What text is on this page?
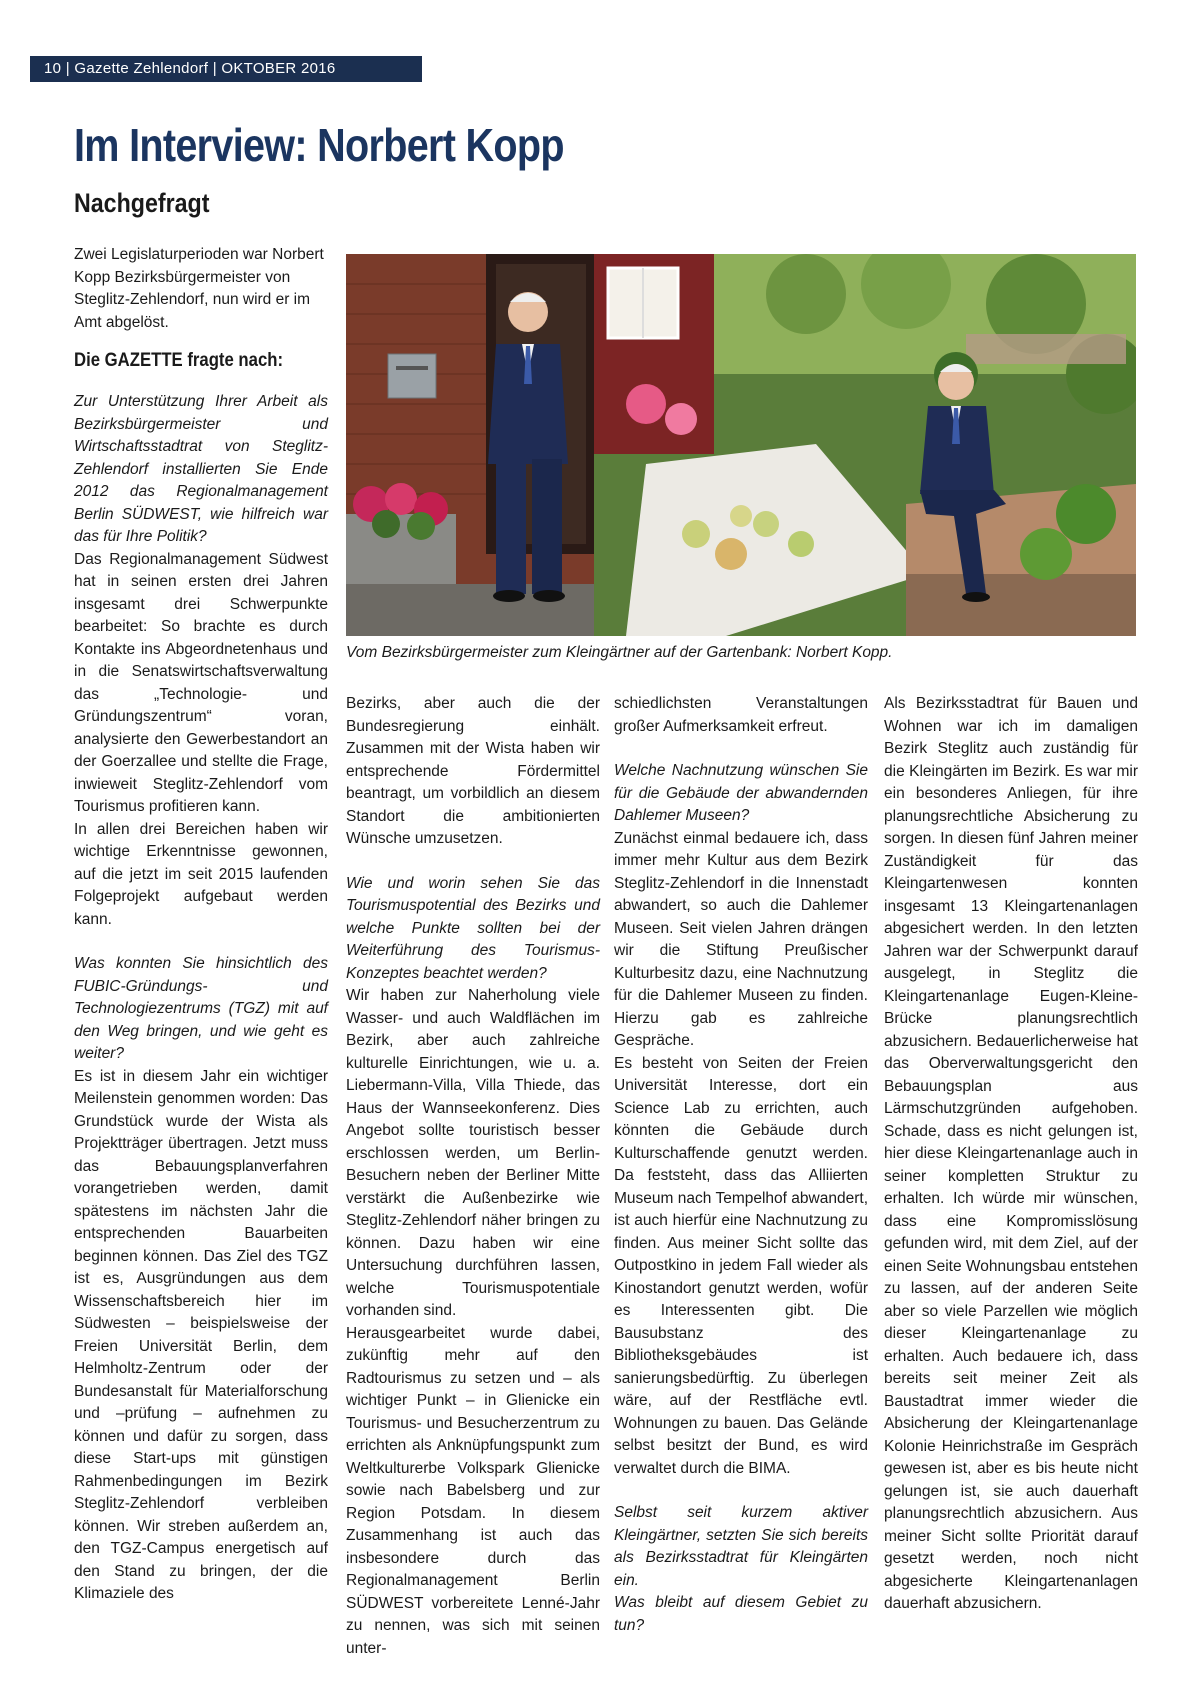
10 | Gazette Zehlendorf | OKTOBER 2016
Im Interview: Norbert Kopp
Nachgefragt

Zwei Legislaturperioden war Norbert Kopp Bezirksbürgermeister von Steglitz-Zehlendorf, nun wird er im Amt abgelöst.

Die GAZETTE fragte nach:
Vom Bezirksbürgermeister zum Kleingärtner auf der Gartenbank: Norbert Kopp.

Zur Unterstützung Ihrer Arbeit als Bezirksbürgermeister und Wirtschaftsstadtrat von Steglitz-Zehlendorf installierten Sie Ende 2012 das Regionalmanagement Berlin SÜDWEST, wie hilfreich war das für Ihre Politik?

Das Regionalmanagement Südwest hat in seinen ersten drei Jahren insgesamt drei Schwerpunkte bearbeitet: So brachte es durch Kontakte ins Abgeordnetenhaus und in die Senatswirtschaftsverwaltung das „Technologie- und Gründungszentrum“ voran, analysierte den Gewerbestandort an der Goerzallee und stellte die Frage, inwieweit Steglitz-Zehlendorf vom Tourismus profitieren kann.

In allen drei Bereichen haben wir wichtige Erkenntnisse gewonnen, auf die jetzt im seit 2015 laufenden Folgeprojekt aufgebaut werden kann.

Was konnten Sie hinsichtlich des FUBIC-Gründungs- und Technologiezentrums (TGZ) mit auf den Weg bringen, und wie geht es weiter?

Es ist in diesem Jahr ein wichtiger Meilenstein genommen worden: Das Grundstück wurde der Wista als Projektträger übertragen. Jetzt muss das Bebauungsplanverfahren vorangetrieben werden, damit spätestens im nächsten Jahr die entsprechenden Bauarbeiten beginnen können. Das Ziel des TGZ ist es, Ausgründungen aus dem Wissenschaftsbereich hier im Südwesten – beispielsweise der Freien Universität Berlin, dem Helmholtz-Zentrum oder der Bundesanstalt für Materialforschung und –prüfung – aufnehmen zu können und dafür zu sorgen, dass diese Start-ups mit günstigen Rahmenbedingungen im Bezirk Steglitz-Zehlendorf verbleiben können. Wir streben außerdem an, den TGZ-Campus energetisch auf den Stand zu bringen, der die Klimaziele des

Bezirks, aber auch die der Bundesregierung einhält. Zusammen mit der Wista haben wir entsprechende Fördermittel beantragt, um vorbildlich an diesem Standort die ambitionierten Wünsche umzusetzen.

Wie und worin sehen Sie das Tourismuspotential des Bezirks und welche Punkte sollten bei der Weiterführung des Tourismus-Konzeptes beachtet werden?

Wir haben zur Naherholung viele Wasser- und auch Waldflächen im Bezirk, aber auch zahlreiche kulturelle Einrichtungen, wie u. a. Liebermann-Villa, Villa Thiede, das Haus der Wannseekonferenz. Dies Angebot sollte touristisch besser erschlossen werden, um Berlin-Besuchern neben der Berliner Mitte verstärkt die Außenbezirke wie Steglitz-Zehlendorf näher bringen zu können. Dazu haben wir eine Untersuchung durchführen lassen, welche Tourismuspotentiale vorhanden sind.

Herausgearbeitet wurde dabei, zukünftig mehr auf den Radtourismus zu setzen und – als wichtiger Punkt – in Glienicke ein Tourismus- und Besucherzentrum zu errichten als Anknüpfungspunkt zum Weltkulturerbe Volkspark Glienicke sowie nach Babelsberg und zur Region Potsdam. In diesem Zusammenhang ist auch das insbesondere durch das Regionalmanagement Berlin SÜDWEST vorbereitete Lenné-Jahr zu nennen, was sich mit seinen unter-

schiedlichsten Veranstaltungen großer Aufmerksamkeit erfreut.

Welche Nachnutzung wünschen Sie für die Gebäude der abwandernden Dahlemer Museen?

Zunächst einmal bedauere ich, dass immer mehr Kultur aus dem Bezirk Steglitz-Zehlendorf in die Innenstadt abwandert, so auch die Dahlemer Museen. Seit vielen Jahren drängen wir die Stiftung Preußischer Kulturbesitz dazu, eine Nachnutzung für die Dahlemer Museen zu finden. Hierzu gab es zahlreiche Gespräche.

Es besteht von Seiten der Freien Universität Interesse, dort ein Science Lab zu errichten, auch könnten die Gebäude durch Kulturschaffende genutzt werden. Da feststeht, dass das Alliierten Museum nach Tempelhof abwandert, ist auch hierfür eine Nachnutzung zu finden. Aus meiner Sicht sollte das Outpostkino in jedem Fall wieder als Kinostandort genutzt werden, wofür es Interessenten gibt. Die Bausubstanz des Bibliotheksgebäudes ist sanierungsbedürftig. Zu überlegen wäre, auf der Restfläche evtl. Wohnungen zu bauen. Das Gelände selbst besitzt der Bund, es wird verwaltet durch die BIMA.

Selbst seit kurzem aktiver Kleingärtner, setzten Sie sich bereits als Bezirksstadtrat für Kleingärten ein.

Was bleibt auf diesem Gebiet zu tun?

Als Bezirksstadtrat für Bauen und Wohnen war ich im damaligen Bezirk Steglitz auch zuständig für die Kleingärten im Bezirk. Es war mir ein besonderes Anliegen, für ihre planungsrechtliche Absicherung zu sorgen. In diesen fünf Jahren meiner Zuständigkeit für das Kleingartenwesen konnten insgesamt 13 Kleingartenanlagen abgesichert werden. In den letzten Jahren war der Schwerpunkt darauf ausgelegt, in Steglitz die Kleingartenanlage Eugen-Kleine-Brücke planungsrechtlich abzusichern. Bedauerlicherweise hat das Oberverwaltungsgericht den Bebauungsplan aus Lärmschutzgründen aufgehoben. Schade, dass es nicht gelungen ist, hier diese Kleingartenanlage auch in seiner kompletten Struktur zu erhalten. Ich würde mir wünschen, dass eine Kompromisslösung gefunden wird, mit dem Ziel, auf der einen Seite Wohnungsbau entstehen zu lassen, auf der anderen Seite aber so viele Parzellen wie möglich dieser Kleingartenanlage zu erhalten. Auch bedauere ich, dass bereits seit meiner Zeit als Baustadtrat immer wieder die Absicherung der Kleingartenanlage Kolonie Heinrichstraße im Gespräch gewesen ist, aber es bis heute nicht gelungen ist, sie auch dauerhaft planungsrechtlich abzusichern. Aus meiner Sicht sollte Priorität darauf gesetzt werden, noch nicht abgesicherte Kleingartenanlagen dauerhaft abzusichern.
